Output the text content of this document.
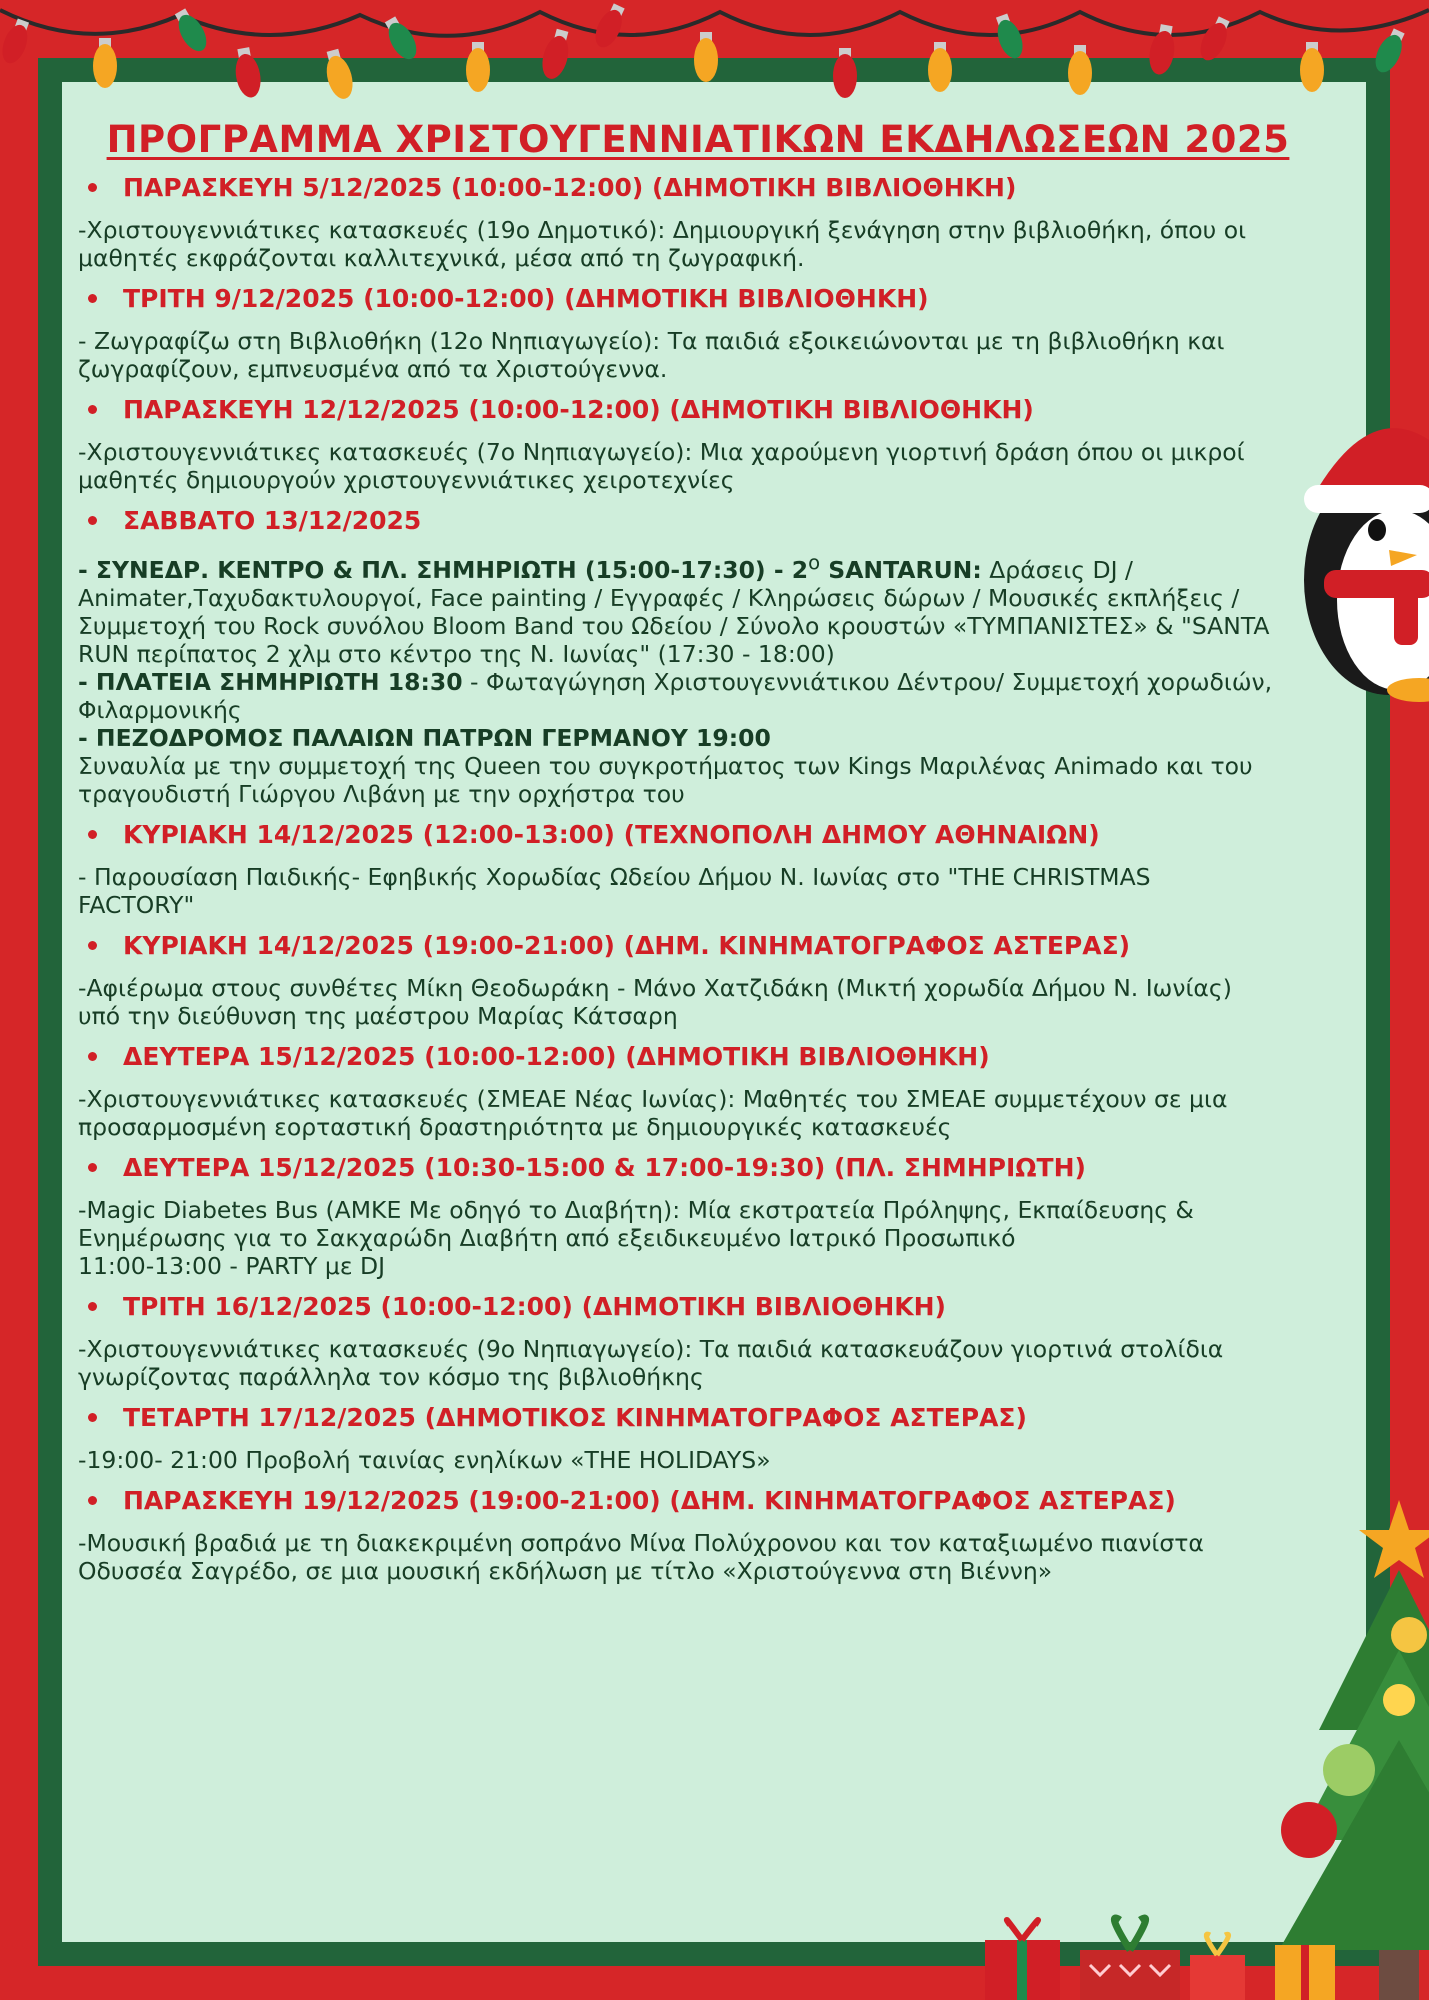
ΠΡΟΓΡΑΜΜΑ ΧΡΙΣΤΟΥΓΕΝΝΙΑΤΙΚΩΝ ΕΚΔΗΛΩΣΕΩΝ 2025
ΠΑΡΑΣΚΕΥΗ 5/12/2025 (10:00-12:00) (ΔΗΜΟΤΙΚΗ ΒΙΒΛΙΟΘΗΚΗ)

-Χριστουγεννιάτικες κατασκευές (19ο Δημοτικό): Δημιουργική ξενάγηση στην βιβλιοθήκη, όπου οι

μαθητές εκφράζονται καλλιτεχνικά, μέσα από τη ζωγραφική.

ΤΡΙΤΗ 9/12/2025 (10:00-12:00) (ΔΗΜΟΤΙΚΗ ΒΙΒΛΙΟΘΗΚΗ)

- Ζωγραφίζω στη Βιβλιοθήκη (12ο Νηπιαγωγείο): Τα παιδιά εξοικειώνονται με τη βιβλιοθήκη και

ζωγραφίζουν, εμπνευσμένα από τα Χριστούγεννα.

ΠΑΡΑΣΚΕΥΗ 12/12/2025 (10:00-12:00) (ΔΗΜΟΤΙΚΗ ΒΙΒΛΙΟΘΗΚΗ)

-Χριστουγεννιάτικες κατασκευές (7ο Νηπιαγωγείο): Μια χαρούμενη γιορτινή δράση όπου οι μικροί

μαθητές δημιουργούν χριστουγεννιάτικες χειροτεχνίες

ΣΑΒΒΑΤΟ 13/12/2025

- ΣΥΝΕΔΡ. ΚΕΝΤΡΟ & ΠΛ. ΣΗΜΗΡΙΩΤΗ (15:00-17:30) - $2^o$ SANTARUN: Δράσεις DJ / Animater,Ταχυδακτυλουργοί, Face painting / Εγγραφές / Κληρώσεις δώρων / Μουσικές εκπλήξεις / Συμμετοχή του Rock συνόλου Bloom Band του Ωδείου / Σύνολο κρουστών «ΤΥΜΠΑΝΙΣΤΕΣ» & "SANTA RUN περίπατος 2 χλμ στο κέντρο της Ν. Ιωνίας" (17:30 - 18:00)

- ΠΛΑΤΕΙΑ ΣΗΜΗΡΙΩΤΗ 18:30 - Φωταγώγηση Χριστουγεννιάτικου Δέντρου/ Συμμετοχή χορωδιών, Φιλαρμονικής

- ΠΕΖΟΔΡΟΜΟΣ ΠΑΛΑΙΩΝ ΠΑΤΡΩΝ ΓΕΡΜΑΝΟΥ 19:00

Συναυλία με την συμμετοχή της Queen του συγκροτήματος των Kings Μαριλένας Animado και του τραγουδιστή Γιώργου Λιβάνη με την ορχήστρα του

ΚΥΡΙΑΚΗ 14/12/2025 (12:00-13:00) (ΤΕΧΝΟΠΟΛΗ ΔΗΜΟΥ ΑΘΗΝΑΙΩΝ)

- Παρουσίαση Παιδικής- Εφηβικής Χορωδίας Ωδείου Δήμου Ν. Ιωνίας στο "THE CHRISTMAS

FACTORY"

ΚΥΡΙΑΚΗ 14/12/2025 (19:00-21:00) (ΔΗΜ. ΚΙΝΗΜΑΤΟΓΡΑΦΟΣ ΑΣΤΕΡΑΣ)

-Αφιέρωμα στους συνθέτες Μίκη Θεοδωράκη - Μάνο Χατζιδάκη (Μικτή χορωδία Δήμου Ν. Ιωνίας)

υπό την διεύθυνση της μαέστρου Μαρίας Κάτσαρη

ΔΕΥΤΕΡΑ 15/12/2025 (10:00-12:00) (ΔΗΜΟΤΙΚΗ ΒΙΒΛΙΟΘΗΚΗ)

-Χριστουγεννιάτικες κατασκευές (ΣΜΕΑΕ Νέας Ιωνίας): Μαθητές του ΣΜΕΑΕ συμμετέχουν σε μια

προσαρμοσμένη εορταστική δραστηριότητα με δημιουργικές κατασκευές

ΔΕΥΤΕΡΑ 15/12/2025 (10:30-15:00 & 17:00-19:30) (ΠΛ. ΣΗΜΗΡΙΩΤΗ)

-Magic Diabetes Bus (ΑΜΚΕ Με οδηγό το Διαβήτη): Μία εκστρατεία Πρόληψης, Εκπαίδευσης &

Ενημέρωσης για το Σακχαρώδη Διαβήτη από εξειδικευμένο Ιατρικό Προσωπικό

11:00-13:00 - PARTY με DJ

ΤΡΙΤΗ 16/12/2025 (10:00-12:00) (ΔΗΜΟΤΙΚΗ ΒΙΒΛΙΟΘΗΚΗ)

-Χριστουγεννιάτικες κατασκευές (9ο Νηπιαγωγείο): Τα παιδιά κατασκευάζουν γιορτινά στολίδια

γνωρίζοντας παράλληλα τον κόσμο της βιβλιοθήκης

ΤΕΤΑΡΤΗ 17/12/2025 (ΔΗΜΟΤΙΚΟΣ ΚΙΝΗΜΑΤΟΓΡΑΦΟΣ ΑΣΤΕΡΑΣ)

-19:00- 21:00 Προβολή ταινίας ενηλίκων «THE HOLIDAYS»

ΠΑΡΑΣΚΕΥΗ 19/12/2025 (19:00-21:00) (ΔΗΜ. ΚΙΝΗΜΑΤΟΓΡΑΦΟΣ ΑΣΤΕΡΑΣ)

-Μουσική βραδιά με τη διακεκριμένη σοπράνο Μίνα Πολύχρονου και τον καταξιωμένο πιανίστα

Οδυσσέα Σαγρέδο, σε μια μουσική εκδήλωση με τίτλο «Χριστούγεννα στη Βιέννη»
